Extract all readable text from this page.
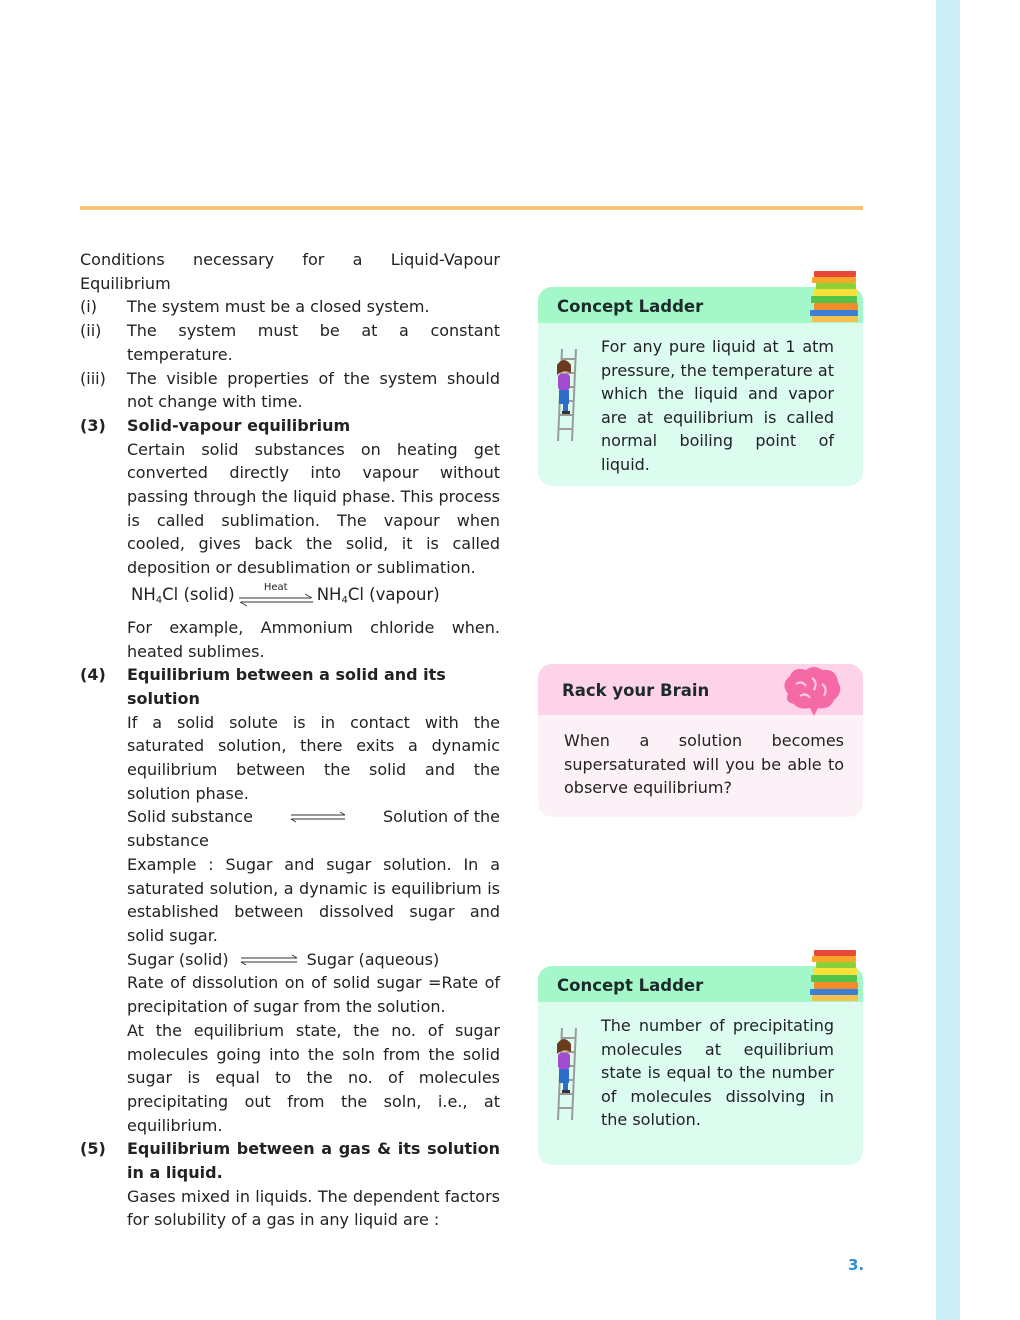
Conditions necessary for a Liquid-Vapour Equilibrium
(i)	The system must be a closed system.
(ii)	The system must be at a constant temperature.
(iii)	The visible properties of the system should not change with time.
(3)	Solid-vapour equilibrium
Certain solid substances on heating get converted directly into vapour without passing through the liquid phase. This process is called sublimation. The vapour when cooled, gives back the solid, it is called deposition or desublimation or sublimation.
$NH_4Cl$ (solid)	Heat	$NH_4Cl$ (vapour)
For example, Ammonium chloride when. heated sublimes.
(4)	Equilibrium between a solid and its solution
If a solid solute is in contact with the saturated solution, there exits a dynamic equilibrium between the solid and the solution phase.
Solid substance	Solution of the
substance
Example : Sugar and sugar solution. In a saturated solution, a dynamic is equilibrium is established between dissolved sugar and solid sugar.
Sugar (solid)	Sugar (aqueous)
Rate of dissolution on of solid sugar =Rate of precipitation of sugar from the solution.
At the equilibrium state, the no. of sugar molecules going into the soln from the solid sugar is equal to the no. of molecules precipitating out from the soln, i.e., at equilibrium.
(5)	Equilibrium between a gas & its solution in a liquid.
Gases mixed in liquids. The dependent factors for solubility of a gas in any liquid are :
Concept Ladder
For any pure liquid at 1 atm pressure, the temperature at which the liquid and vapor are at equilibrium is called normal boiling point of liquid.
Rack your Brain
When a solution becomes supersaturated will you be able to observe equilibrium?
Concept Ladder
The number of precipitating molecules at equilibrium state is equal to the number of molecules dissolving in the solution.
3.
